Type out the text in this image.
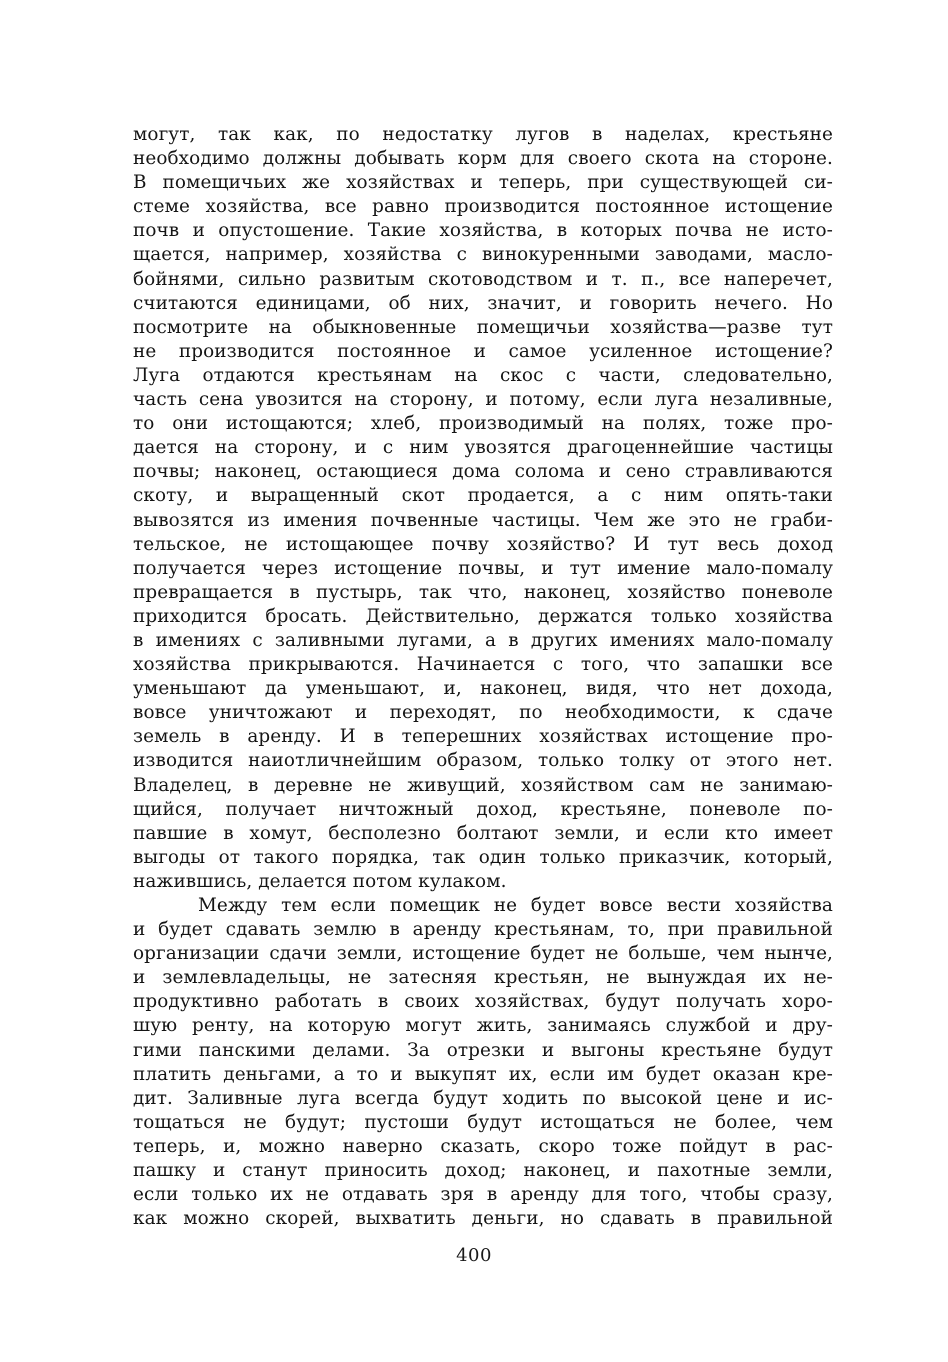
могут, так как, по недостатку лугов в наделах, крестьяне
необходимо должны добывать корм для своего скота на стороне.
В помещичьих же хозяйствах и теперь, при существующей си-
стеме хозяйства, все равно производится постоянное истощение
почв и опустошение. Такие хозяйства, в которых почва не исто-
щается, например, хозяйства с винокуренными заводами, масло-
бойнями, сильно развитым скотоводством и т. п., все наперечет,
считаются единицами, об них, значит, и говорить нечего. Но
посмотрите на обыкновенные помещичьи хозяйства—разве тут
не производится постоянное и самое усиленное истощение?
Луга отдаются крестьянам на скос с части, следовательно,
часть сена увозится на сторону, и потому, если луга незаливные,
то они истощаются; хлеб, производимый на полях, тоже про-
дается на сторону, и с ним увозятся драгоценнейшие частицы
почвы; наконец, остающиеся дома солома и сено стравливаются
скоту, и выращенный скот продается, а с ним опять-таки
вывозятся из имения почвенные частицы. Чем же это не граби-
тельское, не истощающее почву хозяйство? И тут весь доход
получается через истощение почвы, и тут имение мало-помалу
превращается в пустырь, так что, наконец, хозяйство поневоле
приходится бросать. Действительно, держатся только хозяйства
в имениях с заливными лугами, а в других имениях мало-помалу
хозяйства прикрываются. Начинается с того, что запашки все
уменьшают да уменьшают, и, наконец, видя, что нет дохода,
вовсе уничтожают и переходят, по необходимости, к сдаче
земель в аренду. И в теперешних хозяйствах истощение про-
изводится наиотличнейшим образом, только толку от этого нет.
Владелец, в деревне не живущий, хозяйством сам не занимаю-
щийся, получает ничтожный доход, крестьяне, поневоле по-
павшие в хомут, бесполезно болтают земли, и если кто имеет
выгоды от такого порядка, так один только приказчик, который,
нажившись, делается потом кулаком.
Между тем если помещик не будет вовсе вести хозяйства
и будет сдавать землю в аренду крестьянам, то, при правильной
организации сдачи земли, истощение будет не больше, чем нынче,
и землевладельцы, не затесняя крестьян, не вынуждая их не-
продуктивно работать в своих хозяйствах, будут получать хоро-
шую ренту, на которую могут жить, занимаясь службой и дру-
гими панскими делами. За отрезки и выгоны крестьяне будут
платить деньгами, а то и выкупят их, если им будет оказан кре-
дит. Заливные луга всегда будут ходить по высокой цене и ис-
тощаться не будут; пустоши будут истощаться не более, чем
теперь, и, можно наверно сказать, скоро тоже пойдут в рас-
пашку и станут приносить доход; наконец, и пахотные земли,
если только их не отдавать зря в аренду для того, чтобы сразу,
как можно скорей, выхватить деньги, но сдавать в правильной
400
